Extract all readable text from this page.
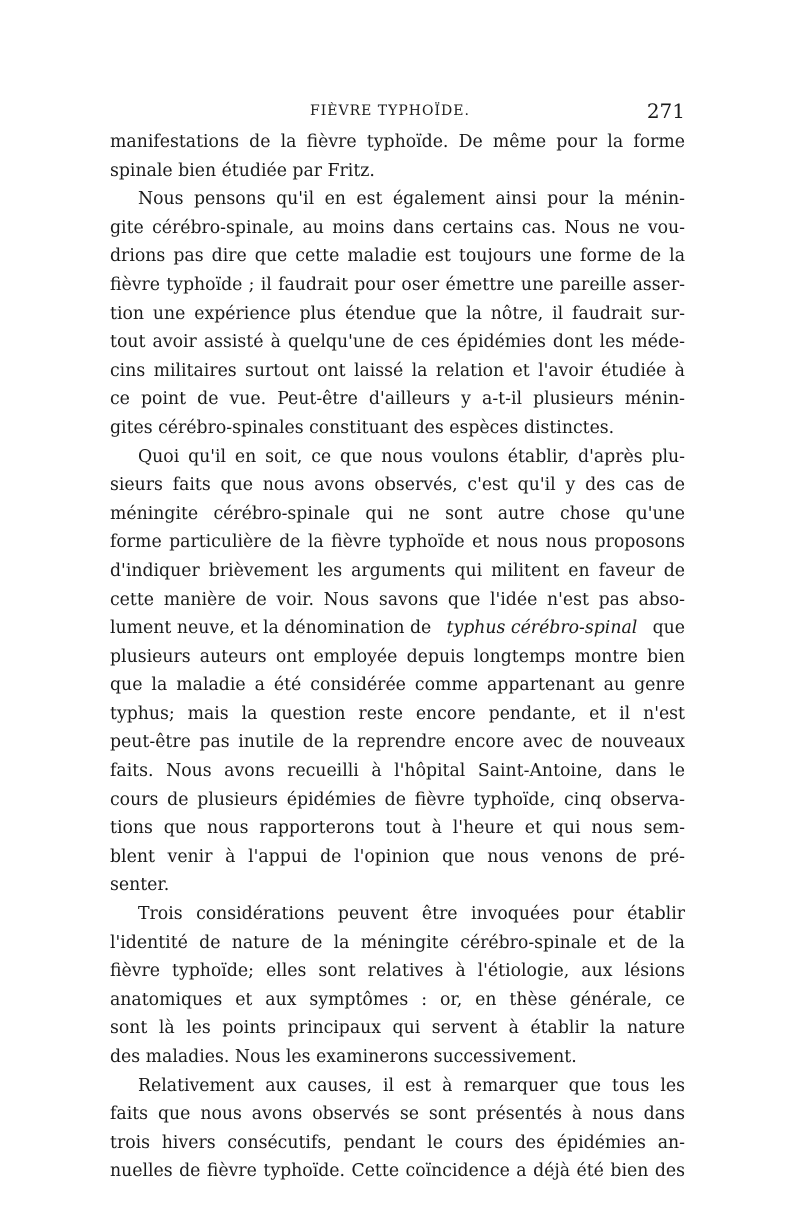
FIÈVRE TYPHOÏDE.	271

manifestations de la fièvre typhoïde. De même pour la forme
spinale bien étudiée par Fritz.

Nous pensons qu'il en est également ainsi pour la ménin-
gite cérébro-spinale, au moins dans certains cas. Nous ne vou-
drions pas dire que cette maladie est toujours une forme de la
fièvre typhoïde ; il faudrait pour oser émettre une pareille asser-
tion une expérience plus étendue que la nôtre, il faudrait sur-
tout avoir assisté à quelqu'une de ces épidémies dont les méde-
cins militaires surtout ont laissé la relation et l'avoir étudiée à
ce point de vue. Peut-être d'ailleurs y a-t-il plusieurs ménin-
gites cérébro-spinales constituant des espèces distinctes.

Quoi qu'il en soit, ce que nous voulons établir, d'après plu-
sieurs faits que nous avons observés, c'est qu'il y des cas de
méningite cérébro-spinale qui ne sont autre chose qu'une
forme particulière de la fièvre typhoïde et nous nous proposons
d'indiquer brièvement les arguments qui militent en faveur de
cette manière de voir. Nous savons que l'idée n'est pas abso-
lument neuve, et la dénomination de typhus cérébro-spinal que
plusieurs auteurs ont employée depuis longtemps montre bien
que la maladie a été considérée comme appartenant au genre
typhus; mais la question reste encore pendante, et il n'est
peut-être pas inutile de la reprendre encore avec de nouveaux
faits. Nous avons recueilli à l'hôpital Saint-Antoine, dans le
cours de plusieurs épidémies de fièvre typhoïde, cinq observa-
tions que nous rapporterons tout à l'heure et qui nous sem-
blent venir à l'appui de l'opinion que nous venons de pré-
senter.

Trois considérations peuvent être invoquées pour établir
l'identité de nature de la méningite cérébro-spinale et de la
fièvre typhoïde; elles sont relatives à l'étiologie, aux lésions
anatomiques et aux symptômes : or, en thèse générale, ce
sont là les points principaux qui servent à établir la nature
des maladies. Nous les examinerons successivement.

Relativement aux causes, il est à remarquer que tous les
faits que nous avons observés se sont présentés à nous dans
trois hivers consécutifs, pendant le cours des épidémies an-
nuelles de fièvre typhoïde. Cette coïncidence a déjà été bien des
